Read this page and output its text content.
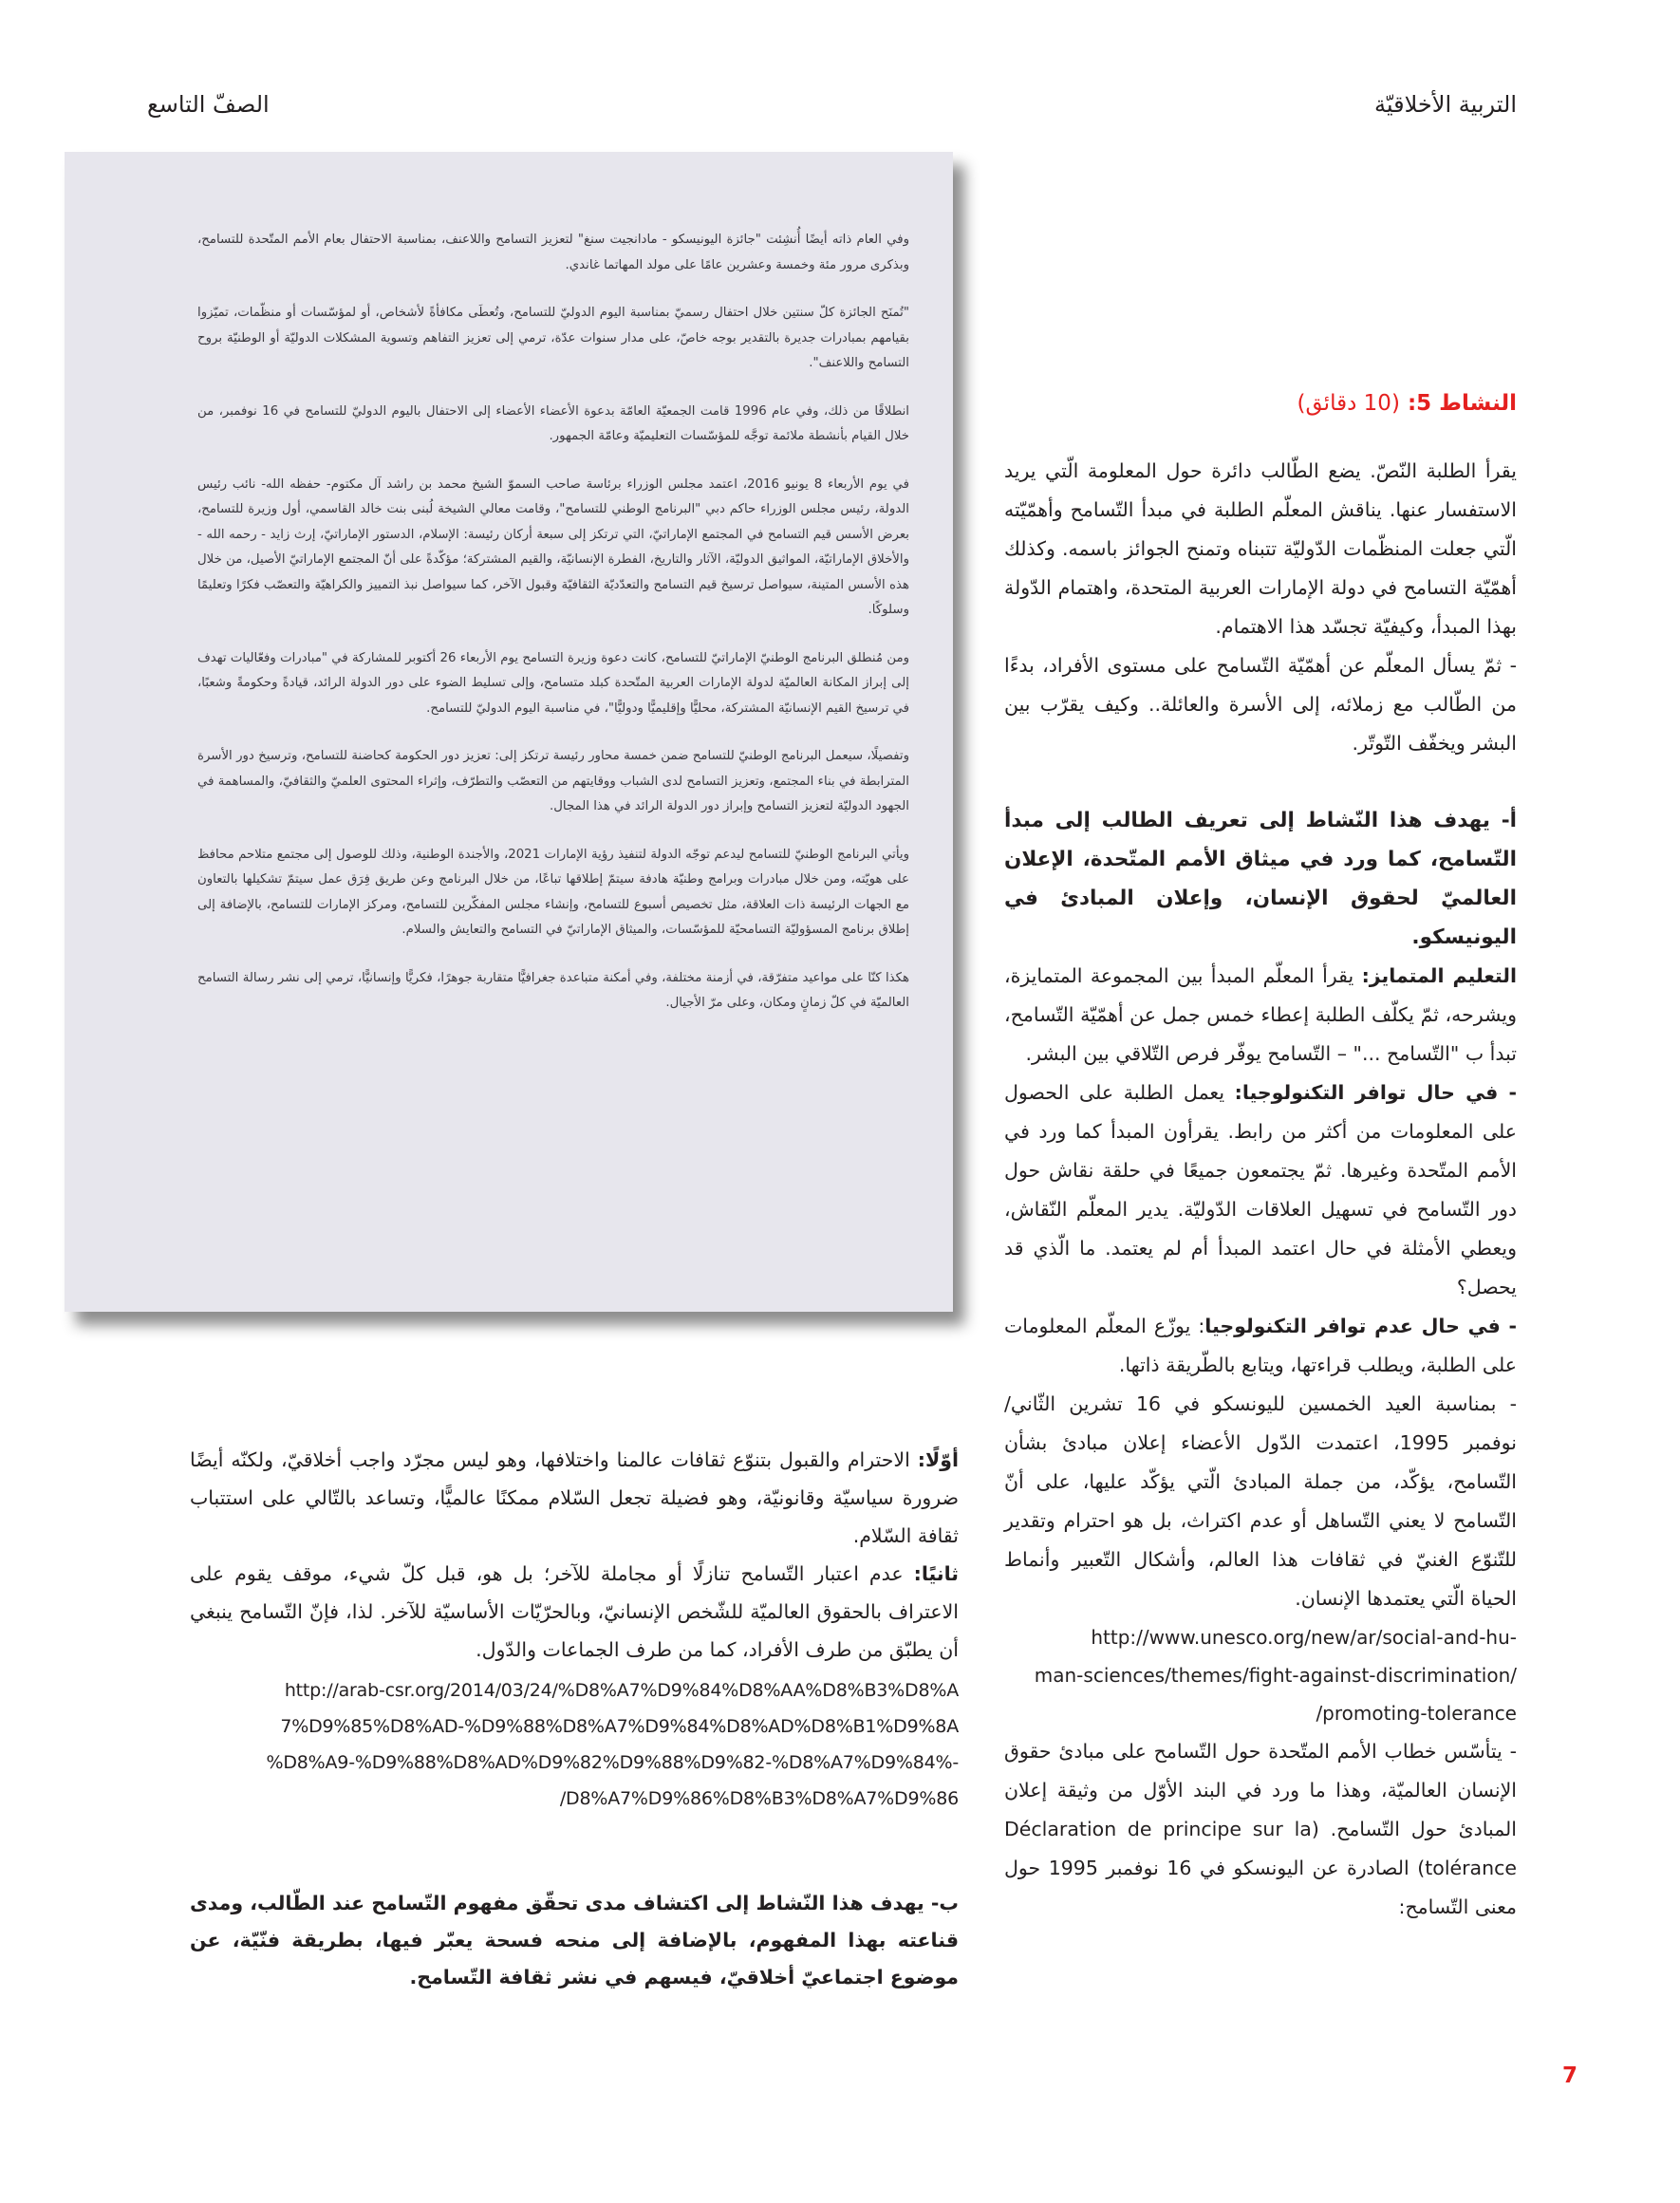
التربية الأخلاقيّة
الصفّ التاسع

وفي العام ذاته أيضًا أُنشِئت "جائزة اليونيسكو - مادانجيت سنغ" لتعزيز التسامح واللاعنف، بمناسبة الاحتفال بعام الأمم المتّحدة للتسامح، وبذكرى مرور مئة وخمسة وعشرين عامًا على مولد المهاتما غاندي.

"تُمنَح الجائزة كلّ سنتين خلال احتفال رسميّ بمناسبة اليوم الدوليّ للتسامح، وتُعطَى مكافأةً لأشخاص، أو لمؤسّسات أو منظّمات، تميّزوا بقيامهم بمبادرات جديرة بالتقدير بوجه خاصّ، على مدار سنوات عدّة، ترمي إلى تعزيز التفاهم وتسوية المشكلات الدوليّة أو الوطنيّة بروح التسامح واللاعنف".

انطلاقًا من ذلك، وفي عام 1996 قامت الجمعيّة العامّة بدعوة الأعضاء الأعضاء إلى الاحتفال باليوم الدوليّ للتسامح في 16 نوفمبر، من خلال القيام بأنشطة ملائمة توجَّه للمؤسّسات التعليميّة وعامّة الجمهور.

في يوم الأربعاء 8 يونيو 2016، اعتمد مجلس الوزراء برئاسة صاحب السموّ الشيخ محمد بن راشد آل مكتوم- حفظه الله- نائب رئيس الدولة، رئيس مجلس الوزراء حاكم دبي "البرنامج الوطني للتسامح"، وقامت معالي الشيخة لُبنى بنت خالد القاسمي، أول وزيرة للتسامح، بعرض الأسس قيم التسامح في المجتمع الإماراتيّ، التي ترتكز إلى سبعة أركان رئيسة: الإسلام، الدستور الإماراتيّ، إرث زايد - رحمه الله - والأخلاق الإماراتيّة، المواثيق الدوليّة، الآثار والتاريخ، الفطرة الإنسانيّة، والقيم المشتركة؛ مؤكّدةً على أنّ المجتمع الإماراتيّ الأصيل، من خلال هذه الأسس المتينة، سيواصل ترسيخ قيم التسامح والتعدّديّة الثقافيّة وقبول الآخر، كما سيواصل نبذ التمييز والكراهيّة والتعصّب فكرًا وتعليمًا وسلوكًا.

ومن مُنطلق البرنامج الوطنيّ الإماراتيّ للتسامح، كانت دعوة وزيرة التسامح يوم الأربعاء 26 أكتوبر للمشاركة في "مبادرات وفعّاليات تهدف إلى إبراز المكانة العالميّة لدولة الإمارات العربية المتّحدة كبلد متسامح، وإلى تسليط الضوء على دور الدولة الرائد، قيادةً وحكومةً وشعبًا، في ترسيخ القيم الإنسانيّة المشتركة، محليًّا وإقليميًّا ودوليًّا"، في مناسبة اليوم الدوليّ للتسامح.

وتفصيلًا، سيعمل البرنامج الوطنيّ للتسامح ضمن خمسة محاور رئيسة ترتكز إلى: تعزيز دور الحكومة كحاضنة للتسامح، وترسيخ دور الأسرة المترابطة في بناء المجتمع، وتعزيز التسامح لدى الشباب ووقايتهم من التعصّب والتطرّف، وإثراء المحتوى العلميّ والثقافيّ، والمساهمة في الجهود الدوليّة لتعزيز التسامح وإبراز دور الدولة الرائد في هذا المجال.

ويأتي البرنامج الوطنيّ للتسامح ليدعم توجّه الدولة لتنفيذ رؤية الإمارات 2021، والأجندة الوطنية، وذلك للوصول إلى مجتمع متلاحم محافظ على هويّته، ومن خلال مبادرات وبرامج وطنيّة هادفة سيتمّ إطلاقها تباعًا، من خلال البرنامج وعن طريق فِرَق عمل سيتمّ تشكيلها بالتعاون مع الجهات الرئيسة ذات العلاقة، مثل تخصيص أسبوع للتسامح، وإنشاء مجلس المفكّرين للتسامح، ومركز الإمارات للتسامح، بالإضافة إلى إطلاق برنامج المسؤوليّة التسامحيّة للمؤسّسات، والميثاق الإماراتيّ في التسامح والتعايش والسلام.

هكذا كنّا على مواعيد متفرّقة، في أزمنة مختلفة، وفي أمكنة متباعدة جغرافيًّا متقاربة جوهرًا، فكريًّا وإنسانيًّا، ترمي إلى نشر رسالة التسامح العالميّة في كلّ زمانٍ ومكان، وعلى مرّ الأجيال.

النشاط 5: (10 دقائق)

يقرأ الطلبة النّصّ. يضع الطّالب دائرة حول المعلومة الّتي يريد الاستفسار عنها. يناقش المعلّم الطلبة في مبدأ التّسامح وأهمّيّته الّتي جعلت المنظّمات الدّوليّة تتبناه وتمنح الجوائز باسمه. وكذلك أهمّيّة التسامح في دولة الإمارات العربية المتحدة، واهتمام الدّولة بهذا المبدأ، وكيفيّة تجسّد هذا الاهتمام.

- ثمّ يسأل المعلّم عن أهمّيّة التّسامح على مستوى الأفراد، بدءًا من الطّالب مع زملائه، إلى الأسرة والعائلة.. وكيف يقرّب بين البشر ويخفّف التّوتّر.

أ- يهدف هذا النّشاط إلى تعريف الطالب إلى مبدأ التّسامح، كما ورد في ميثاق الأمم المتّحدة، الإعلان العالميّ لحقوق الإنسان، وإعلان المبادئ في اليونيسكو.

التعليم المتمايز: يقرأ المعلّم المبدأ بين المجموعة المتمايزة، ويشرحه، ثمّ يكلّف الطلبة إعطاء خمس جمل عن أهمّيّة التّسامح، تبدأ ب "التّسامح ..." – التّسامح يوفّر فرص التّلاقي بين البشر.

- في حال توافر التكنولوجيا: يعمل الطلبة على الحصول على المعلومات من أكثر من رابط. يقرأون المبدأ كما ورد في الأمم المتّحدة وغيرها. ثمّ يجتمعون جميعًا في حلقة نقاش حول دور التّسامح في تسهيل العلاقات الدّوليّة. يدير المعلّم النّقاش، ويعطي الأمثلة في حال اعتمد المبدأ أم لم يعتمد. ما الّذي قد يحصل؟

- في حال عدم توافر التكنولوجيا: يوزّع المعلّم المعلومات على الطلبة، ويطلب قراءتها، ويتابع بالطّريقة ذاتها.

- بمناسبة العيد الخمسين لليونسكو في 16 تشرين الثّاني/ نوفمبر 1995، اعتمدت الدّول الأعضاء إعلان مبادئ بشأن التّسامح، يؤكّد، من جملة المبادئ الّتي يؤكّد عليها، على أنّ التّسامح لا يعني التّساهل أو عدم اكتراث، بل هو احترام وتقدير للتّنوّع الغنيّ في ثقافات هذا العالم، وأشكال التّعبير وأنماط الحياة الّتي يعتمدها الإنسان.

http://www.unesco.org/new/ar/social-and-hu-
man-sciences/themes/fight-against-discrimination/
/promoting-tolerance

- يتأسّس خطاب الأمم المتّحدة حول التّسامح على مبادئ حقوق الإنسان العالميّة، وهذا ما ورد في البند الأوّل من وثيقة إعلان المبادئ حول التّسامح. (Déclaration de principe sur la tolérance) الصادرة عن اليونسكو في 16 نوفمبر 1995 حول معنى التّسامح:

أوّلًا: الاحترام والقبول بتنوّع ثقافات عالمنا واختلافها، وهو ليس مجرّد واجب أخلاقيّ، ولكنّه أيضًا ضرورة سياسيّة وقانونيّة، وهو فضيلة تجعل السّلام ممكنًا عالميًّا، وتساعد بالتّالي على استتباب ثقافة السّلام.

ثانيًا: عدم اعتبار التّسامح تنازلًا أو مجاملة للآخر؛ بل هو، قبل كلّ شيء، موقف يقوم على الاعتراف بالحقوق العالميّة للشّخص الإنسانيّ، وبالحرّيّات الأساسيّة للآخر. لذا، فإنّ التّسامح ينبغي أن يطبّق من طرف الأفراد، كما من طرف الجماعات والدّول.

http://arab-csr.org/2014/03/24/%D8%A7%D9%84%D8%AA%D8%B3%D8%A
7%D9%85%D8%AD-%D9%88%D8%A7%D9%84%D8%AD%D8%B1%D9%8A
%D8%A9-%D9%88%D8%AD%D9%82%D9%88%D9%82-%D8%A7%D9%84%-
/D8%A7%D9%86%D8%B3%D8%A7%D9%86

ب- يهدف هذا النّشاط إلى اكتشاف مدى تحقّق مفهوم التّسامح عند الطّالب، ومدى قناعته بهذا المفهوم، بالإضافة إلى منحه فسحة يعبّر فيها، بطريقة فنّيّة، عن موضوع اجتماعيّ أخلاقيّ، فيسهم في نشر ثقافة التّسامح.

7
